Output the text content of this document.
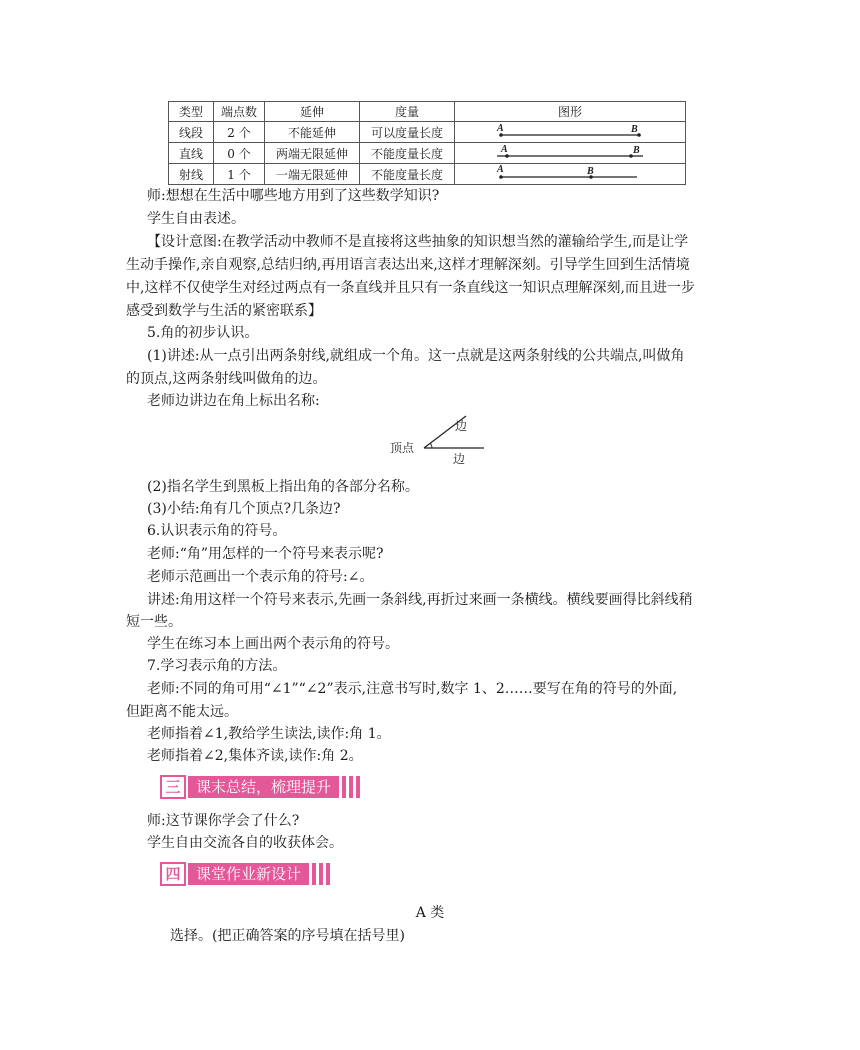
类型	端点数	延伸	度量	图形
线段	2 个	不能延伸	可以度量长度	A B

直线	0 个	两端无限延伸	不能度量长度	A B

射线	1 个	一端无限延伸	不能度量长度	A B
师:想想在生活中哪些地方用到了这些数学知识?
学生自由表述。
【设计意图:在教学活动中教师不是直接将这些抽象的知识想当然的灌输给学生,而是让学
生动手操作,亲自观察,总结归纳,再用语言表达出来,这样才理解深刻。引导学生回到生活情境
中,这样不仅使学生对经过两点有一条直线并且只有一条直线这一知识点理解深刻,而且进一步
感受到数学与生活的紧密联系】
5.角的初步认识。
(1)讲述:从一点引出两条射线,就组成一个角。这一点就是这两条射线的公共端点,叫做角
的顶点,这两条射线叫做角的边。
老师边讲边在角上标出名称:
边
边
顶点
(2)指名学生到黑板上指出角的各部分名称。
(3)小结:角有几个顶点?几条边?
6.认识表示角的符号。
老师:“角”用怎样的一个符号来表示呢?
老师示范画出一个表示角的符号:∠。
讲述:角用这样一个符号来表示,先画一条斜线,再折过来画一条横线。横线要画得比斜线稍
短一些。
学生在练习本上画出两个表示角的符号。
7.学习表示角的方法。
老师:不同的角可用“∠1”“∠2”表示,注意书写时,数字 1、2……要写在角的符号的外面,
但距离不能太远。
老师指着∠1,教给学生读法,读作:角 1。
老师指着∠2,集体齐读,读作:角 2。
三	课末总结，梳理提升
师:这节课你学会了什么?
学生自由交流各自的收获体会。
四	课堂作业新设计
A 类
选择。(把正确答案的序号填在括号里)
